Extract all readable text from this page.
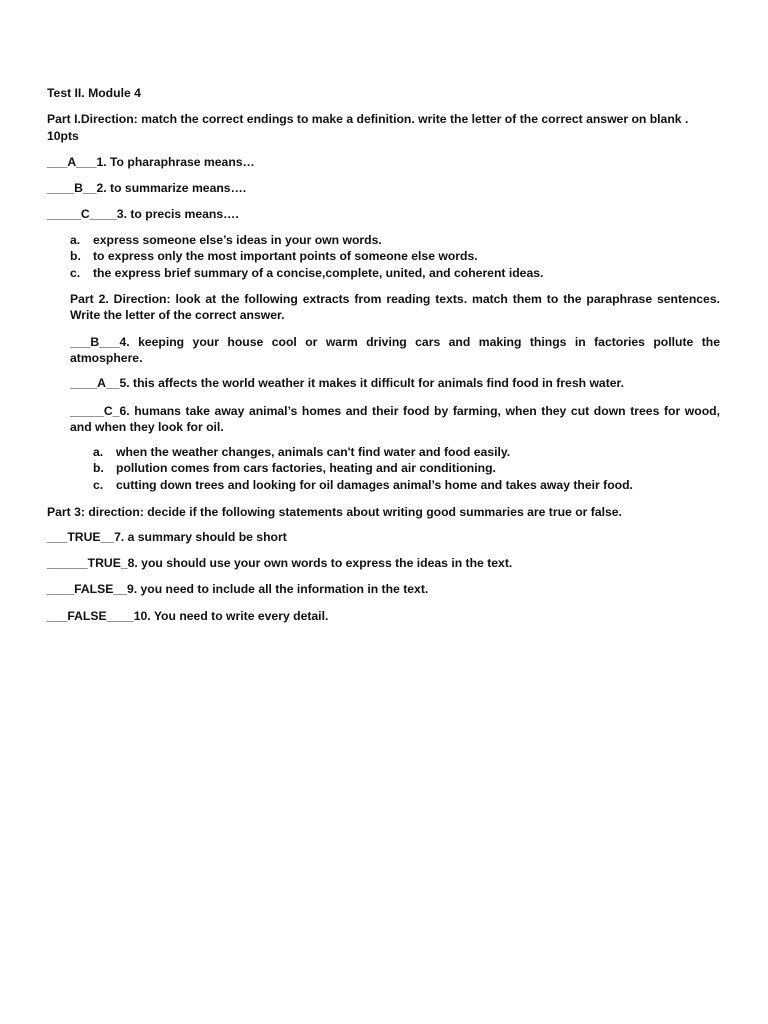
Test II. Module 4
Part I.Direction: match the correct endings to make a definition. write the letter of the correct answer on blank .
10pts
___A___1. To pharaphrase means…
____B__2. to summarize means….
_____C____3. to precis means….
a. express someone else’s ideas in your own words.
b. to express only the most important points of someone else words.
c. the express brief summary of a concise,complete, united, and coherent ideas.
Part 2. Direction: look at the following extracts from reading texts. match them to the paraphrase sentences. Write the letter of the correct answer.
___B___4. keeping your house cool or warm driving cars and making things in factories pollute the atmosphere.
____A__5. this affects the world weather it makes it difficult for animals find food in fresh water.
_____C_6. humans take away animal’s homes and their food by farming, when they cut down trees for wood, and when they look for oil.
a. when the weather changes, animals can't find water and food easily.
b. pollution comes from cars factories, heating and air conditioning.
c. cutting down trees and looking for oil damages animal’s home and takes away their food.
Part 3: direction: decide if the following statements about writing good summaries are true or false.
___TRUE__7. a summary should be short
______TRUE_8. you should use your own words to express the ideas in the text.
____FALSE__9. you need to include all the information in the text.
___FALSE____10. You need to write every detail.
